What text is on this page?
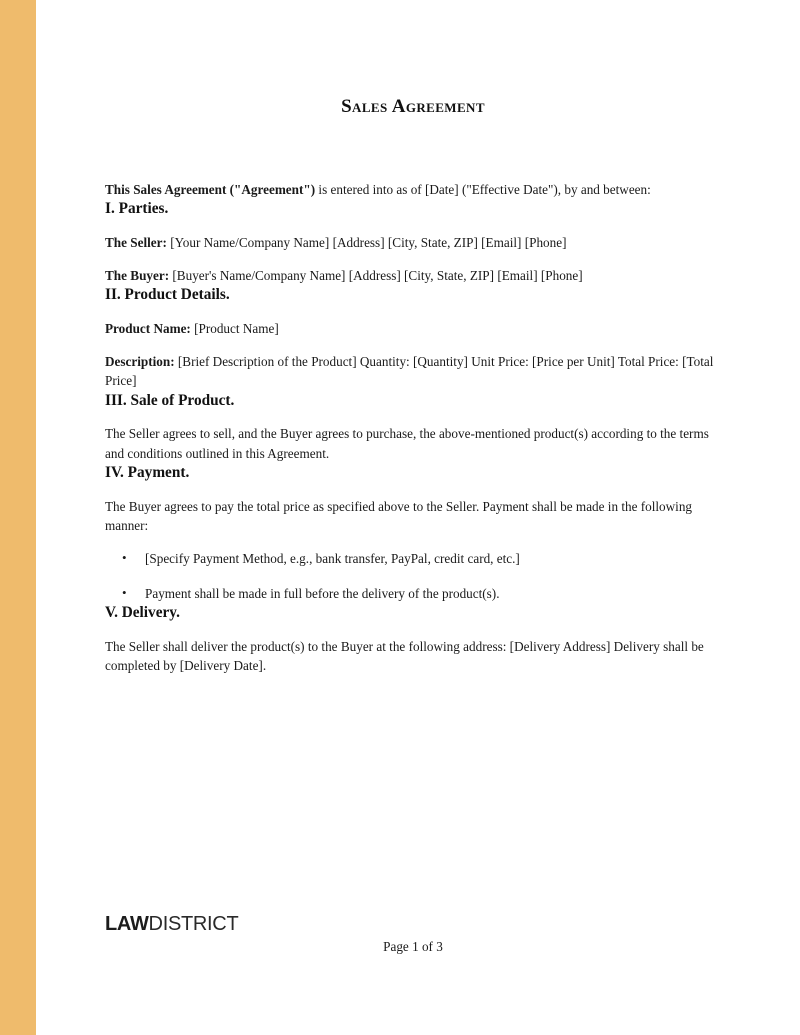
Sales Agreement

This Sales Agreement ("Agreement") is entered into as of [Date] ("Effective Date"), by and between:

I. Parties.

The Seller: [Your Name/Company Name] [Address] [City, State, ZIP] [Email] [Phone]

The Buyer: [Buyer's Name/Company Name] [Address] [City, State, ZIP] [Email] [Phone]

II. Product Details.

Product Name: [Product Name]

Description: [Brief Description of the Product] Quantity: [Quantity] Unit Price: [Price per Unit] Total Price: [Total Price]

III. Sale of Product.

The Seller agrees to sell, and the Buyer agrees to purchase, the above-mentioned product(s) according to the terms and conditions outlined in this Agreement.

IV. Payment.

The Buyer agrees to pay the total price as specified above to the Seller. Payment shall be made in the following manner:

• [Specify Payment Method, e.g., bank transfer, PayPal, credit card, etc.]
• Payment shall be made in full before the delivery of the product(s).
V. Delivery.

The Seller shall deliver the product(s) to the Buyer at the following address: [Delivery Address] Delivery shall be completed by [Delivery Date].

LAWDISTRICT
Page 1 of 3
